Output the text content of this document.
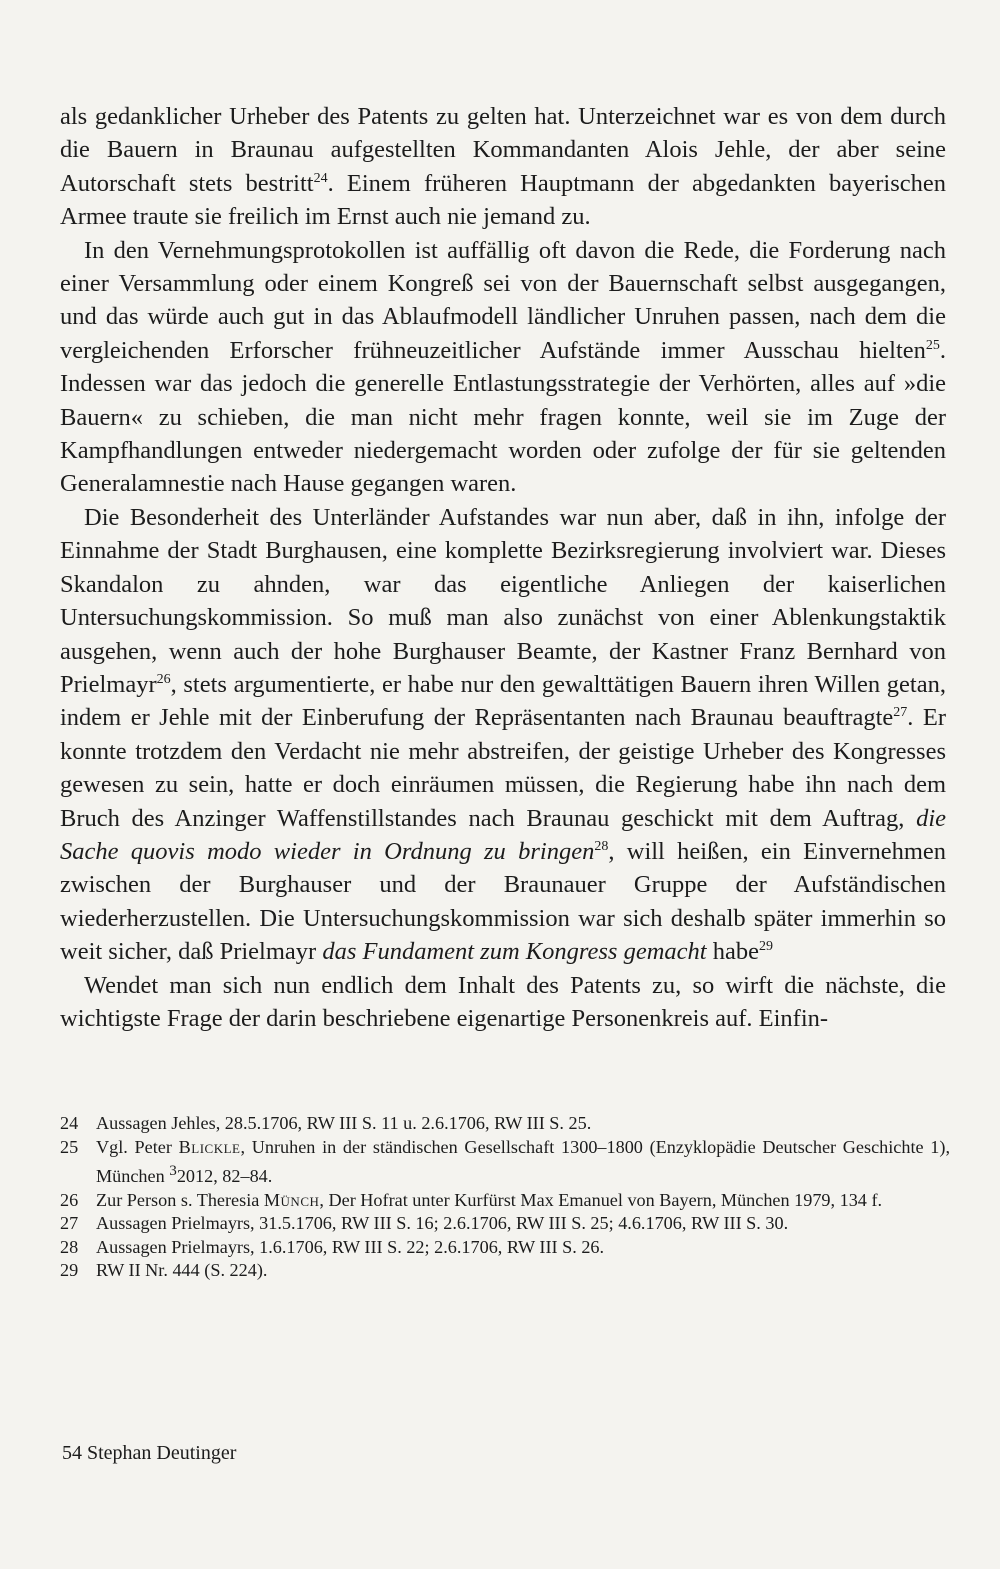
als gedanklicher Urheber des Patents zu gelten hat. Unterzeichnet war es von dem durch die Bauern in Braunau aufgestellten Kommandanten Alois Jehle, der aber seine Autorschaft stets bestritt$^{24}$. Einem früheren Hauptmann der abgedankten bayerischen Armee traute sie freilich im Ernst auch nie jemand zu.

In den Vernehmungsprotokollen ist auffällig oft davon die Rede, die Forderung nach einer Versammlung oder einem Kongreß sei von der Bauernschaft selbst ausgegangen, und das würde auch gut in das Ablaufmodell ländlicher Unruhen passen, nach dem die vergleichenden Erforscher frühneuzeitlicher Aufstände immer Ausschau hielten$^{25}$. Indessen war das jedoch die generelle Entlastungsstrategie der Verhörten, alles auf »die Bauern« zu schieben, die man nicht mehr fragen konnte, weil sie im Zuge der Kampfhandlungen entweder niedergemacht worden oder zufolge der für sie geltenden Generalamnestie nach Hause gegangen waren.

Die Besonderheit des Unterländer Aufstandes war nun aber, daß in ihn, infolge der Einnahme der Stadt Burghausen, eine komplette Bezirksregierung involviert war. Dieses Skandalon zu ahnden, war das eigentliche Anliegen der kaiserlichen Untersuchungskommission. So muß man also zunächst von einer Ablenkungstaktik ausgehen, wenn auch der hohe Burghauser Beamte, der Kastner Franz Bernhard von Prielmayr$^{26}$, stets argumentierte, er habe nur den gewalttätigen Bauern ihren Willen getan, indem er Jehle mit der Einberufung der Repräsentanten nach Braunau beauftragte$^{27}$. Er konnte trotzdem den Verdacht nie mehr abstreifen, der geistige Urheber des Kongresses gewesen zu sein, hatte er doch einräumen müssen, die Regierung habe ihn nach dem Bruch des Anzinger Waffenstillstandes nach Braunau geschickt mit dem Auftrag, die Sache quovis modo wieder in Ordnung zu bringen$^{28}$, will heißen, ein Einvernehmen zwischen der Burghauser und der Braunauer Gruppe der Aufständischen wiederherzustellen. Die Untersuchungskommission war sich deshalb später immerhin so weit sicher, daß Prielmayr das Fundament zum Kongress gemacht habe$^{29}$

Wendet man sich nun endlich dem Inhalt des Patents zu, so wirft die nächste, die wichtigste Frage der darin beschriebene eigenartige Personenkreis auf. Einfin-

24 Aussagen Jehles, 28.5.1706, RW III S. 11 u. 2.6.1706, RW III S. 25.
25 Vgl. Peter Blickle, Unruhen in der ständischen Gesellschaft 1300–1800 (Enzyklopädie Deutscher Geschichte 1), München $^3$2012, 82–84.
26 Zur Person s. Theresia Münch, Der Hofrat unter Kurfürst Max Emanuel von Bayern, München 1979, 134 f.
27 Aussagen Prielmayrs, 31.5.1706, RW III S. 16; 2.6.1706, RW III S. 25; 4.6.1706, RW III S. 30.
28 Aussagen Prielmayrs, 1.6.1706, RW III S. 22; 2.6.1706, RW III S. 26.
29 RW II Nr. 444 (S. 224).
54 Stephan Deutinger
